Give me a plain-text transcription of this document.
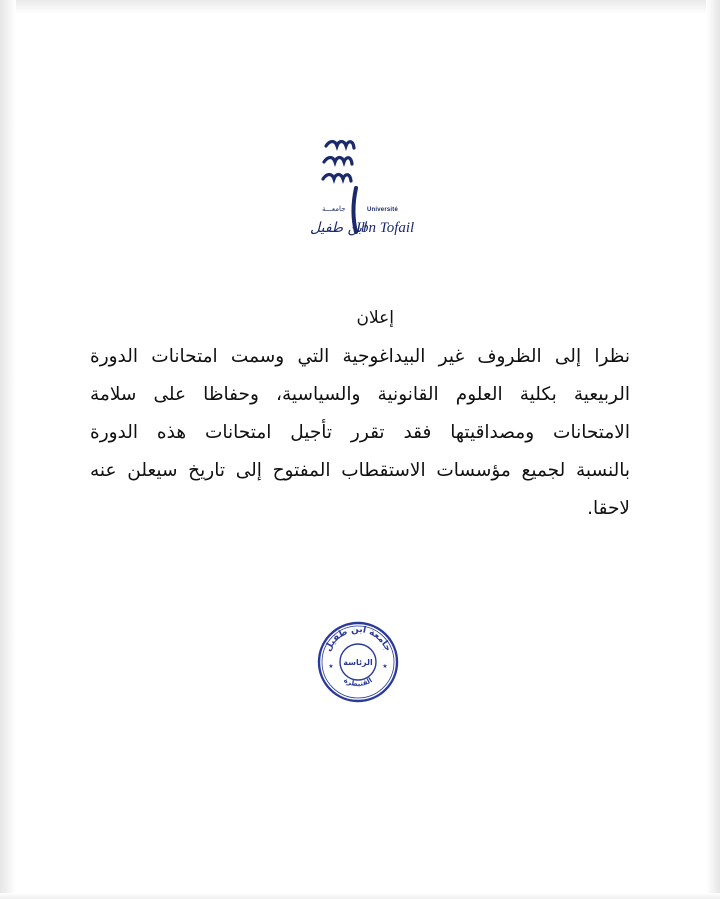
جامعـــة	Université
ابن طفيل
Ibn Tofail
إعلان

نظرا إلى الظروف غير البيداغوجية التي وسمت امتحانات الدورة
الربيعية بكلية العلوم القانونية والسياسية، وحفاظا على سلامة
الامتحانات ومصداقيتها فقد تقرر تأجيل امتحانات هذه الدورة
بالنسبة لجميع مؤسسات الاستقطاب المفتوح إلى تاريخ سيعلن عنه
لاحقا.

جامعة ابن طفيل
القنيطرة
الرئاسة
★	★
